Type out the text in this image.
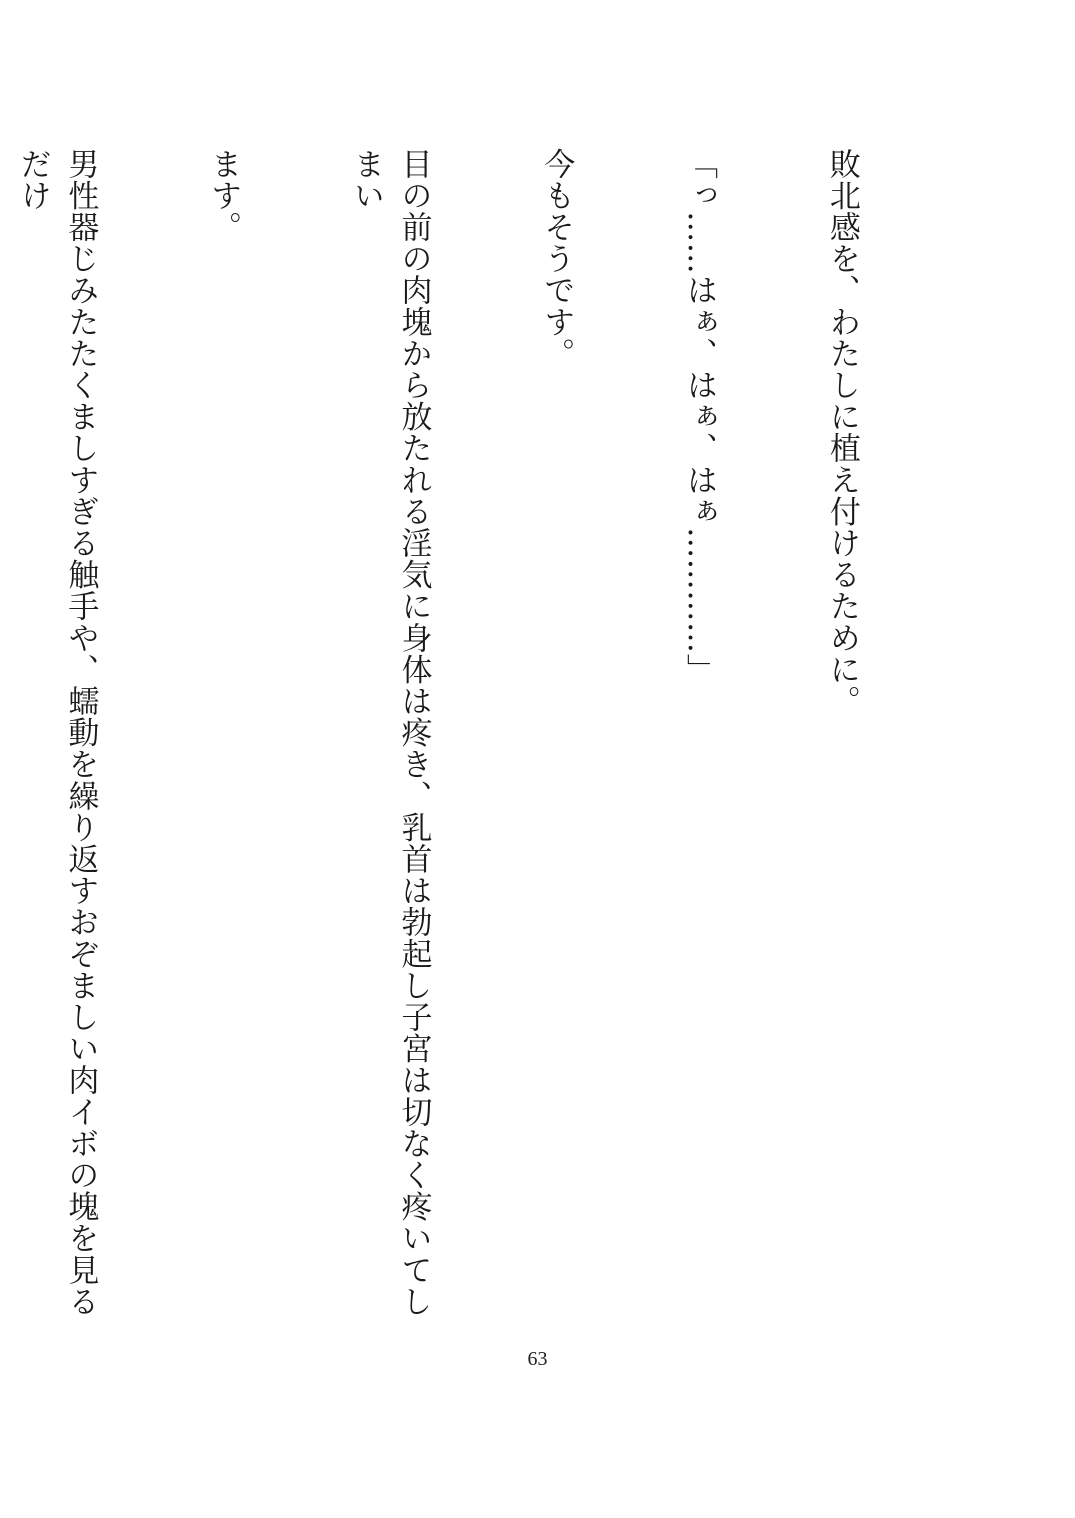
敗北感を、わたしに植え付けるために。

「っ……はぁ、はぁ、はぁ…………」

今もそうです。

目の前の肉塊から放たれる淫気に身体は疼き、乳首は勃起し子宮は切なく疼いてしまい

ます。

男性器じみたたくましすぎる触手や、蠕動を繰り返すおぞましい肉イボの塊を見るだけ

63
